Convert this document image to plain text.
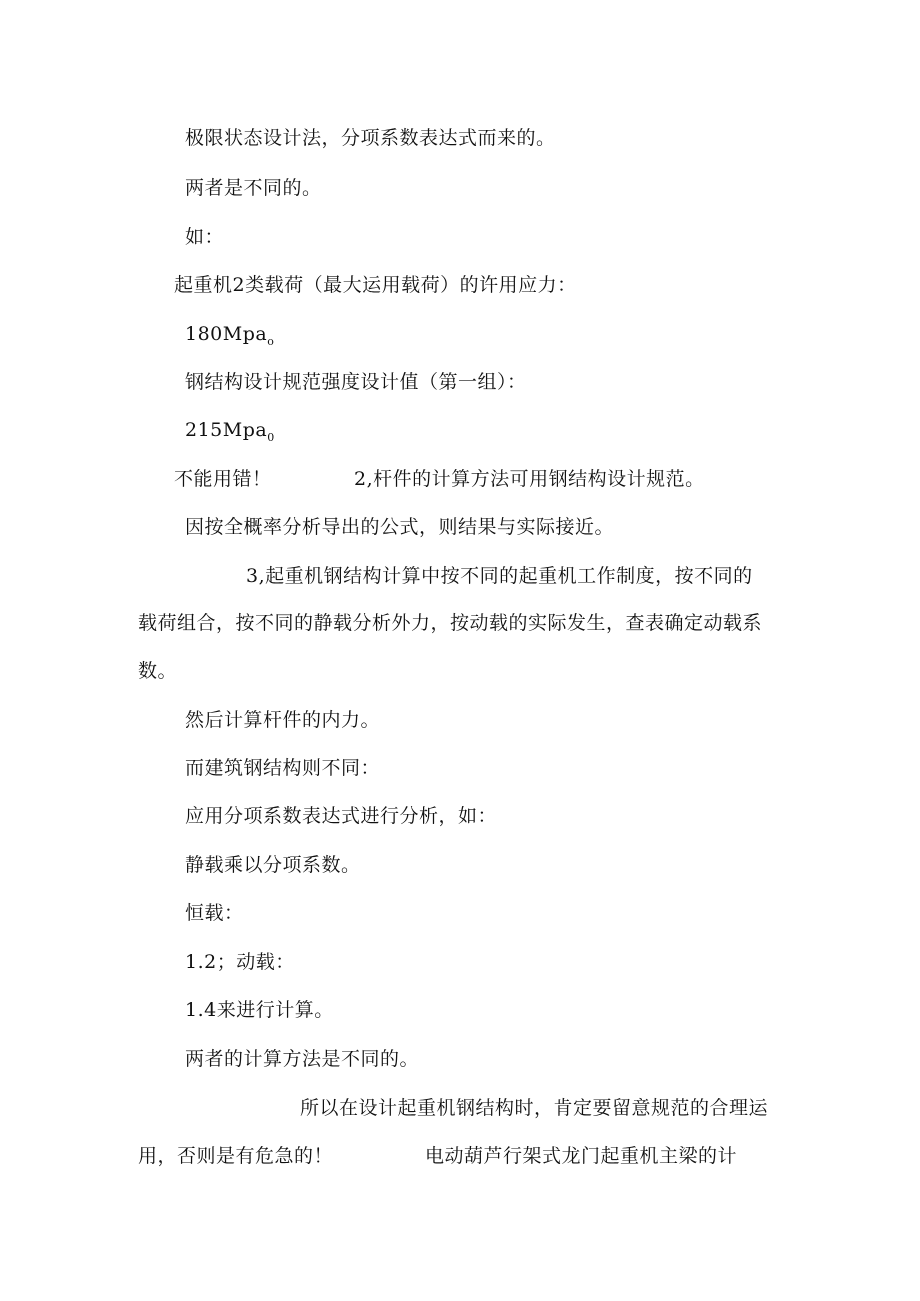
极限状态设计法，分项系数表达式而来的。
两者是不同的。
如：
起重机2类载荷（最大运用载荷）的许用应力：
180Mpa$_o$
钢结构设计规范强度设计值（第一组）：
215Mpa$_0$
不能用错！	2,杆件的计算方法可用钢结构设计规范。
因按全概率分析导出的公式，则结果与实际接近。
3,起重机钢结构计算中按不同的起重机工作制度，按不同的
载荷组合，按不同的静载分析外力，按动载的实际发生，查表确定动载系
数。
然后计算杆件的内力。
而建筑钢结构则不同：
应用分项系数表达式进行分析，如：
静载乘以分项系数。
恒载：
1.2；动载：
1.4来进行计算。
两者的计算方法是不同的。
所以在设计起重机钢结构时，肯定要留意规范的合理运
用，否则是有危急的！	电动葫芦行架式龙门起重机主梁的计
